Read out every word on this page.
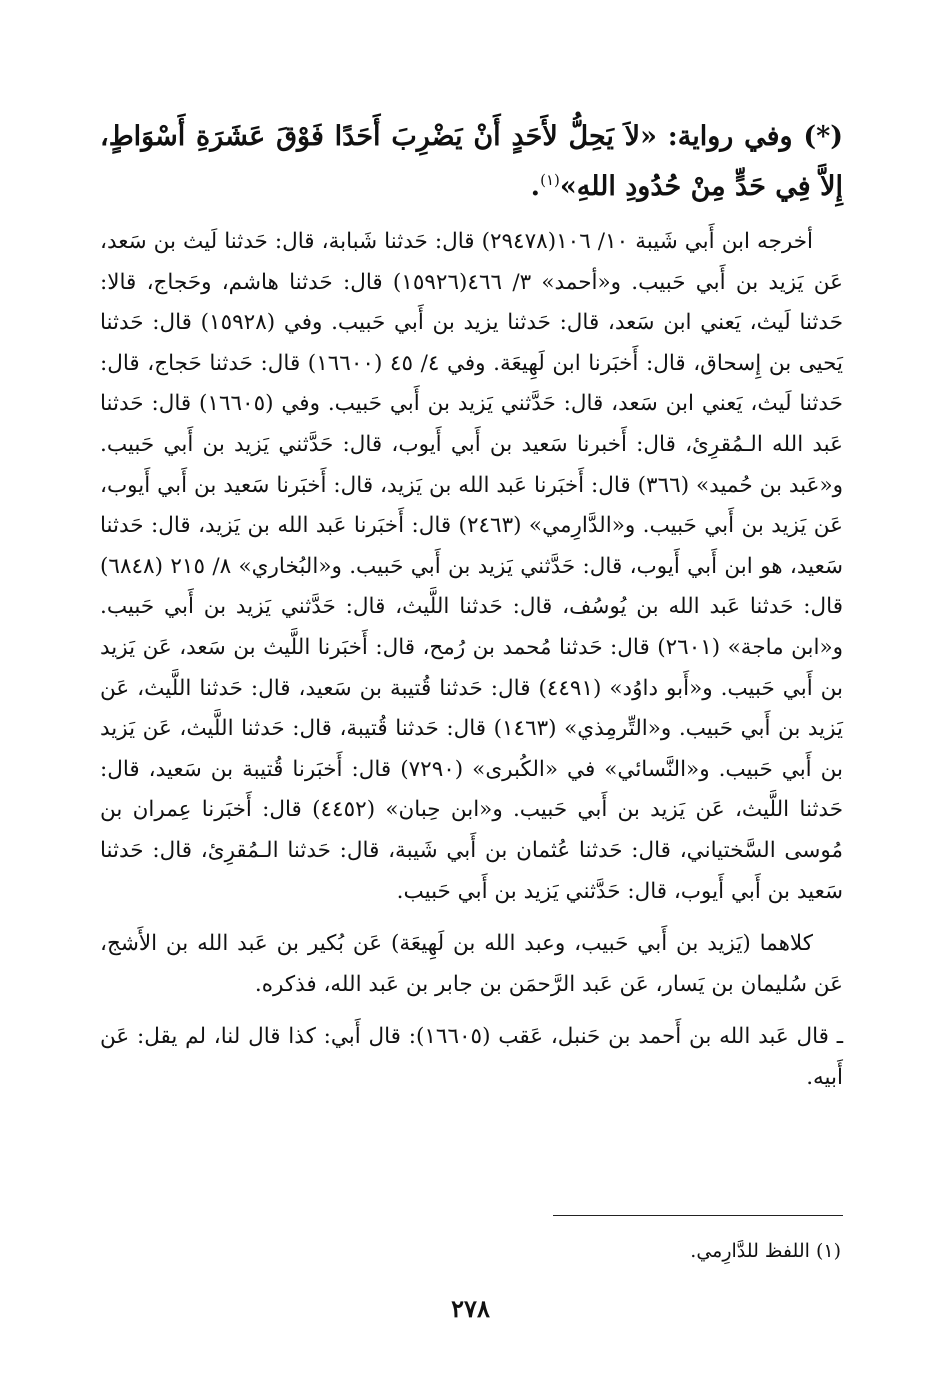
(*) وفي رواية: «لاَ يَحِلُّ لأَحَدٍ أَنْ يَضْرِبَ أَحَدًا فَوْقَ عَشَرَةِ أَسْوَاطٍ، إِلاَّ فِي حَدٍّ مِنْ حُدُودِ اللهِ»$^{(١)}$.

أخرجه ابن أَبي شَيبة ١٠/ ١٠٦(٢٩٤٧٨) قال: حَدثنا شَبابة، قال: حَدثنا لَيث بن سَعد، عَن يَزيد بن أَبي حَبيب. و«أحمد» ٣/ ٤٦٦(١٥٩٢٦) قال: حَدثنا هاشم، وحَجاج، قالا: حَدثنا لَيث، يَعني ابن سَعد، قال: حَدثنا يزيد بن أَبي حَبيب. وفي (١٥٩٢٨) قال: حَدثنا يَحيى بن إِسحاق، قال: أَخبَرنا ابن لَهِيعَة. وفي ٤/ ٤٥ (١٦٦٠٠) قال: حَدثنا حَجاج، قال: حَدثنا لَيث، يَعني ابن سَعد، قال: حَدَّثني يَزيد بن أَبي حَبيب. وفي (١٦٦٠٥) قال: حَدثنا عَبد الله الـمُقرِئ، قال: أَخبرنا سَعيد بن أَبي أَيوب، قال: حَدَّثني يَزيد بن أَبي حَبيب. و«عَبد بن حُميد» (٣٦٦) قال: أَخبَرنا عَبد الله بن يَزيد، قال: أَخبَرنا سَعيد بن أَبي أَيوب، عَن يَزيد بن أَبي حَبيب. و«الدَّارِمي» (٢٤٦٣) قال: أَخبَرنا عَبد الله بن يَزيد، قال: حَدثنا سَعيد، هو ابن أَبي أَيوب، قال: حَدَّثني يَزيد بن أَبي حَبيب. و«البُخاري» ٨/ ٢١٥ (٦٨٤٨) قال: حَدثنا عَبد الله بن يُوسُف، قال: حَدثنا اللَّيث، قال: حَدَّثني يَزيد بن أَبي حَبيب. و«ابن ماجة» (٢٦٠١) قال: حَدثنا مُحمد بن رُمح، قال: أَخبَرنا اللَّيث بن سَعد، عَن يَزيد بن أَبي حَبيب. و«أَبو داوُد» (٤٤٩١) قال: حَدثنا قُتيبة بن سَعيد، قال: حَدثنا اللَّيث، عَن يَزيد بن أَبي حَبيب. و«التِّرمِذي» (١٤٦٣) قال: حَدثنا قُتيبة، قال: حَدثنا اللَّيث، عَن يَزيد بن أَبي حَبيب. و«النَّسائي» في «الكُبرى» (٧٢٩٠) قال: أَخبَرنا قُتيبة بن سَعيد، قال: حَدثنا اللَّيث، عَن يَزيد بن أَبي حَبيب. و«ابن حِبان» (٤٤٥٢) قال: أَخبَرنا عِمران بن مُوسى السَّختياني، قال: حَدثنا عُثمان بن أَبي شَيبة، قال: حَدثنا الـمُقرِئ، قال: حَدثنا سَعيد بن أَبي أَيوب، قال: حَدَّثني يَزيد بن أَبي حَبيب.

كلاهما (يَزيد بن أَبي حَبيب، وعبد الله بن لَهِيعَة) عَن بُكير بن عَبد الله بن الأَشج، عَن سُليمان بن يَسار، عَن عَبد الرَّحمَن بن جابر بن عَبد الله، فذكره.

ـ قال عَبد الله بن أَحمد بن حَنبل، عَقب (١٦٦٠٥): قال أَبي: كذا قال لنا، لم يقل: عَن أَبيه.

(١) اللفظ للدَّارِمي.
٢٧٨
